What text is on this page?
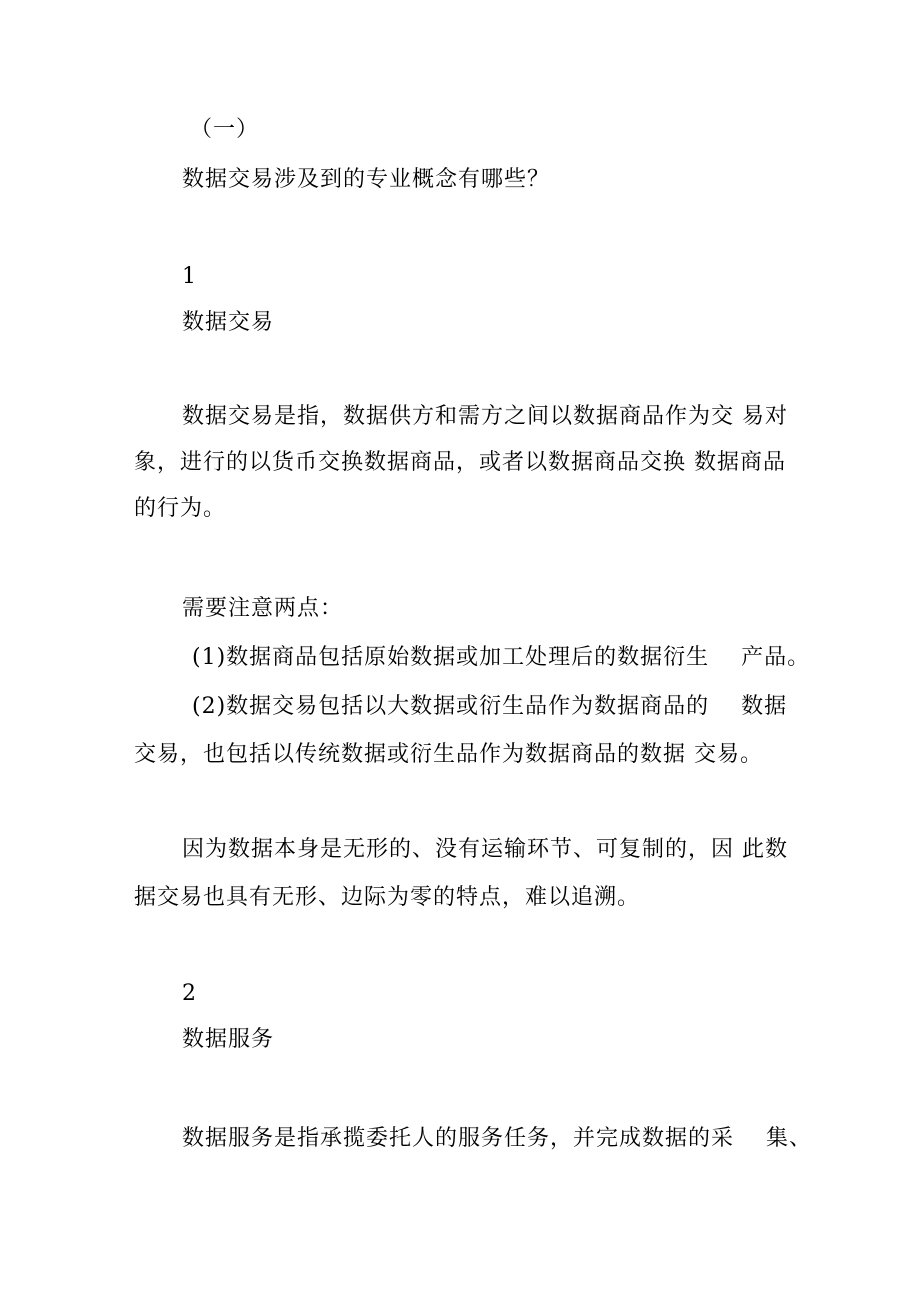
（一）
数据交易涉及到的专业概念有哪些？
1
数据交易
数据交易是指，数据供方和需方之间以数据商品作为交 易对
象，进行的以货币交换数据商品，或者以数据商品交换 数据商品
的行为。
需要注意两点：
(1)数据商品包括原始数据或加工处理后的数据衍生    产品。
(2)数据交易包括以大数据或衍生品作为数据商品的    数据
交易，也包括以传统数据或衍生品作为数据商品的数据 交易。
因为数据本身是无形的、没有运输环节、可复制的，因 此数
据交易也具有无形、边际为零的特点，难以追溯。
2
数据服务
数据服务是指承揽委托人的服务任务，并完成数据的采    集、
